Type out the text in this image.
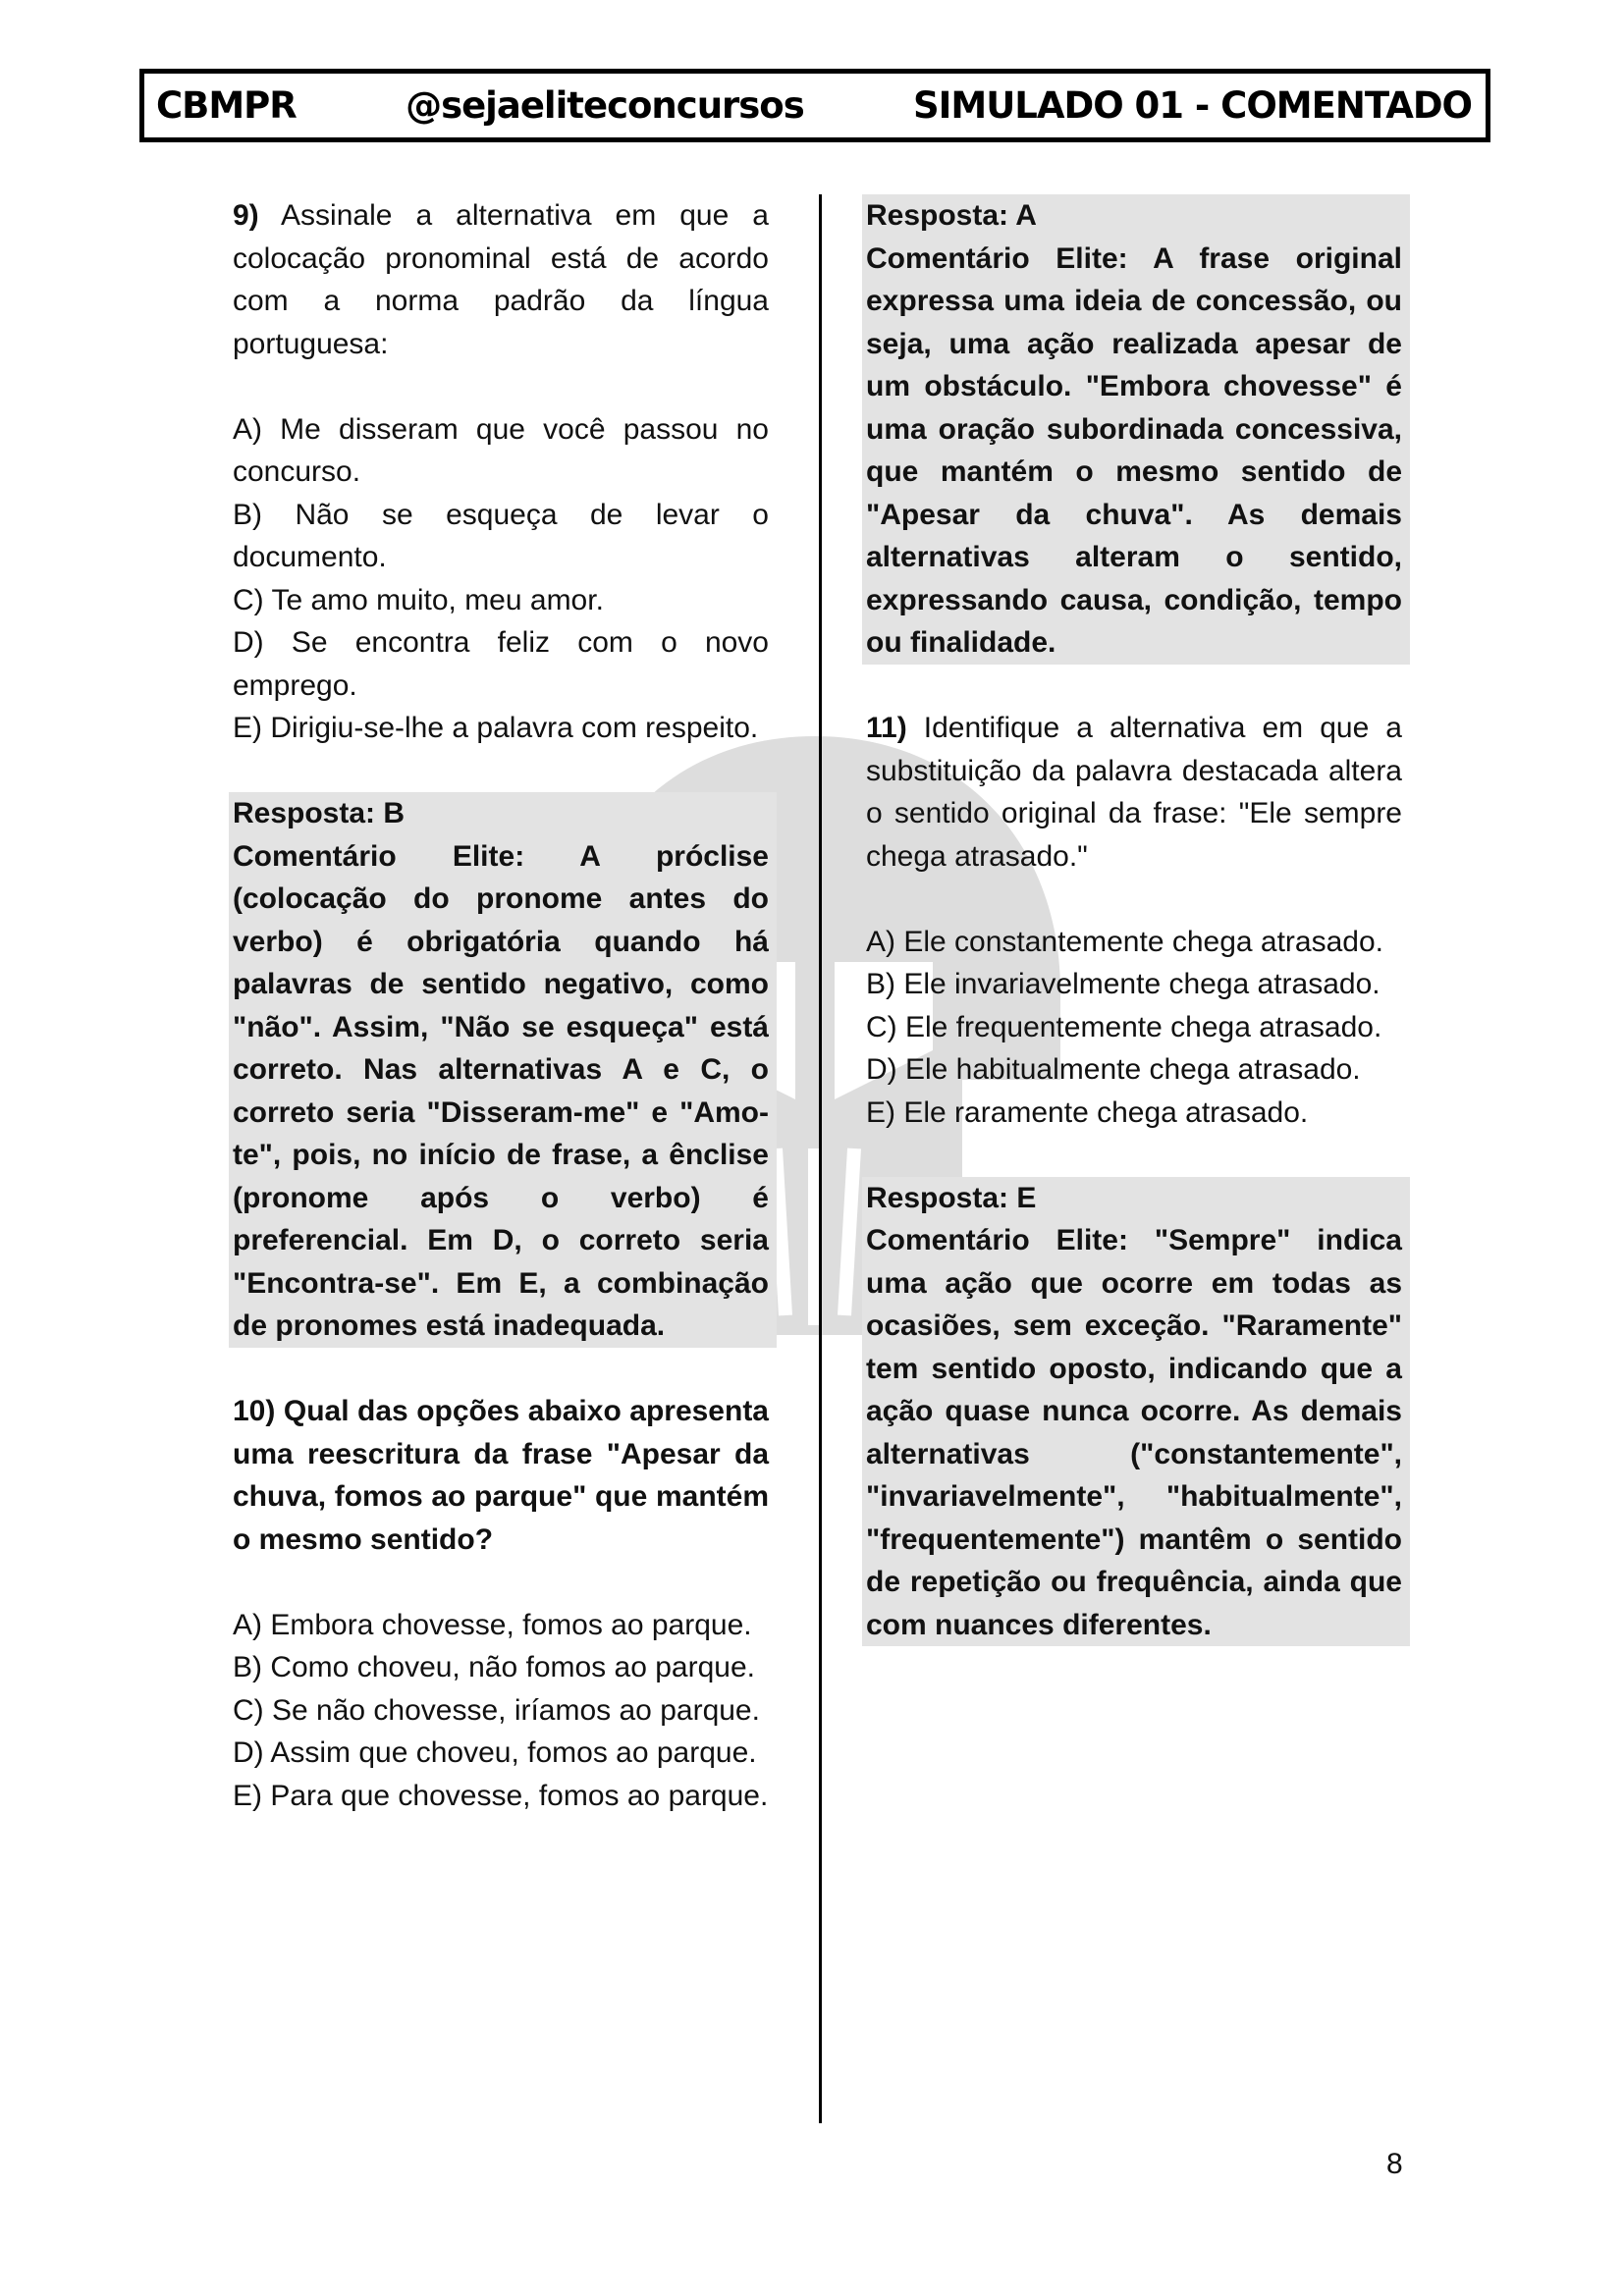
CBMPR	@sejaeliteconcursos	SIMULADO 01 - COMENTADO

9) Assinale a alternativa em que a colocação pronominal está de acordo com a norma padrão da língua portuguesa:

A) Me disseram que você passou no concurso.

B) Não se esqueça de levar o documento.

C) Te amo muito, meu amor.

D) Se encontra feliz com o novo emprego.

E) Dirigiu-se-lhe a palavra com respeito.

Resposta: B

Comentário Elite: A próclise (colocação do pronome antes do verbo) é obrigatória quando há palavras de sentido negativo, como "não". Assim, "Não se esqueça" está correto. Nas alternativas A e C, o correto seria "Disseram-me" e "Amo-te", pois, no início de frase, a ênclise (pronome após o verbo) é preferencial. Em D, o correto seria "Encontra-se". Em E, a combinação de pronomes está inadequada.

10) Qual das opções abaixo apresenta uma reescritura da frase "Apesar da chuva, fomos ao parque" que mantém o mesmo sentido?

A) Embora chovesse, fomos ao parque.

B) Como choveu, não fomos ao parque.

C) Se não chovesse, iríamos ao parque.

D) Assim que choveu, fomos ao parque.

E) Para que chovesse, fomos ao parque.

Resposta: A

Comentário Elite: A frase original expressa uma ideia de concessão, ou seja, uma ação realizada apesar de um obstáculo. "Embora chovesse" é uma oração subordinada concessiva, que mantém o mesmo sentido de "Apesar da chuva". As demais alternativas alteram o sentido, expressando causa, condição, tempo ou finalidade.

11) Identifique a alternativa em que a substituição da palavra destacada altera o sentido original da frase: "Ele sempre chega atrasado."

A) Ele constantemente chega atrasado.

B) Ele invariavelmente chega atrasado.

C) Ele frequentemente chega atrasado.

D) Ele habitualmente chega atrasado.

E) Ele raramente chega atrasado.

Resposta: E

Comentário Elite: "Sempre" indica uma ação que ocorre em todas as ocasiões, sem exceção. "Raramente" tem sentido oposto, indicando que a ação quase nunca ocorre. As demais alternativas ("constantemente", "invariavelmente", "habitualmente", "frequentemente") mantêm o sentido de repetição ou frequência, ainda que com nuances diferentes.

8
